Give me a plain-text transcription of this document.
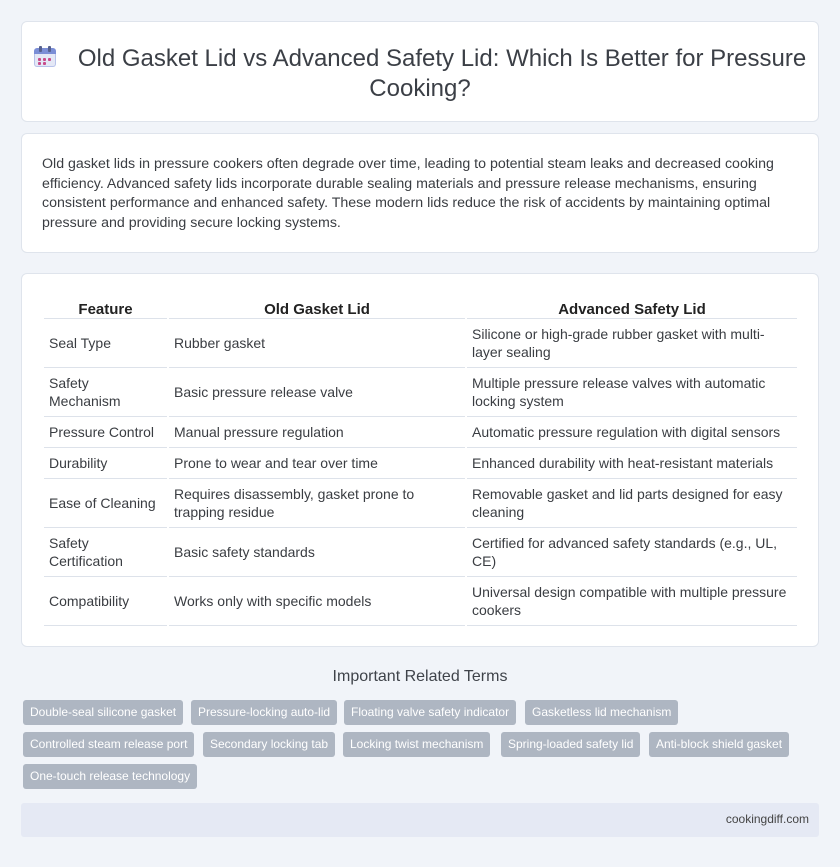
Old Gasket Lid vs Advanced Safety Lid: Which Is Better for Pressure Cooking?

Old gasket lids in pressure cookers often degrade over time, leading to potential steam leaks and decreased cooking efficiency. Advanced safety lids incorporate durable sealing materials and pressure release mechanisms, ensuring consistent performance and enhanced safety. These modern lids reduce the risk of accidents by maintaining optimal pressure and providing secure locking systems.

Feature	Old Gasket Lid	Advanced Safety Lid
Seal Type	Rubber gasket	Silicone or high-grade rubber gasket with multi-layer sealing
Safety Mechanism	Basic pressure release valve	Multiple pressure release valves with automatic locking system
Pressure Control	Manual pressure regulation	Automatic pressure regulation with digital sensors
Durability	Prone to wear and tear over time	Enhanced durability with heat-resistant materials
Ease of Cleaning	Requires disassembly, gasket prone to trapping residue	Removable gasket and lid parts designed for easy cleaning
Safety Certification	Basic safety standards	Certified for advanced safety standards (e.g., UL, CE)
Compatibility	Works only with specific models	Universal design compatible with multiple pressure cookers
Important Related Terms
Double-seal silicone gasket	Pressure-locking auto-lid	Floating valve safety indicator	Gasketless lid mechanism
Controlled steam release port	Secondary locking tab	Locking twist mechanism	Spring-loaded safety lid	Anti-block shield gasket
One-touch release technology
cookingdiff.com
